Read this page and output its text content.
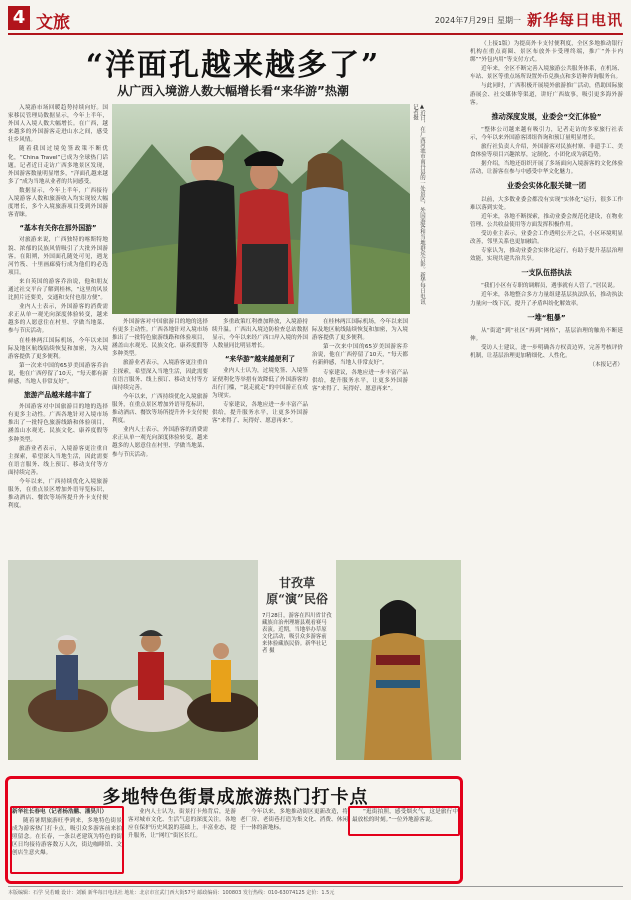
4 文旅	2024年7月29日 星期一 新华每日电讯
“洋面孔越来越多了”
从广西入境游人数大幅增长看“来华游”热潮

入境游市场回暖趋势持续向好。国家移民管理局数据显示，今年上半年，外国人入境人数大幅增长。在广西，越来越多的外国游客走进山水之间，感受壮乡风情。

随着我国过境免签政策不断优化，“China Travel”已成为全球热门话题。记者近日走访广西多地景区发现，外国游客数量明显增多，“洋面孔越来越多了”成为当地从业者的共同感受。

数据显示，今年上半年，广西接待入境游客人数和旅游收入均实现较大幅度增长，多个入境旅游项目受到外国游客青睐。

“基本有关你在那外国游”

对旅游来说，广西独特的喀斯特地貌、浓郁的民族风情吸引了大批外国游客。在阳朔，外国面孔随处可见，遇龙河竹筏、十里画廊骑行成为他们的必选项目。

来自英国的游客乔治说，他和朋友通过社交平台了解到桂林，“这里的风景比照片还要美，交通和支付也很方便”。

业内人士表示，外国游客的消费需求正从单一观光向深度体验转变，越来越多的人愿意住在村里、学做当地菜、参与节庆活动。

在桂林两江国际机场，今年以来国际及地区航线陆续恢复和加密，为入境游客提供了更多便利。

第一次来中国的65岁美国游客乔治说，他在广西停留了10天，“每天都有新鲜感，当地人非常友好”。

旅游产品越来越丰富了

外国游客对中国旅游目的地的选择有更多主动性。广西各地针对入境市场推出了一批特色旅游线路和体验项目，涵盖山水观光、民族文化、康养度假等多种类型。

旅游业者表示，入境游客更注重自主探索，希望深入当地生活，因此需要在语言服务、线上预订、移动支付等方面持续完善。

今年以来，广西持续优化入境旅游服务，在重点景区增加外语导览标识，推动酒店、餐饮等场所提升外卡支付便利度。

▲近日，在广西河池市南丹县的一处景区，外国游客和当地群众合影。新华每日电讯记者摄

外国游客对中国旅游目的地的选择有更多主动性。广西各地针对入境市场推出了一批特色旅游线路和体验项目，涵盖山水观光、民族文化、康养度假等多种类型。

旅游业者表示，入境游客更注重自主探索，希望深入当地生活，因此需要在语言服务、线上预订、移动支付等方面持续完善。

今年以来，广西持续优化入境旅游服务，在重点景区增加外语导览标识，推动酒店、餐饮等场所提升外卡支付便利度。

业内人士表示，外国游客的消费需求正从单一观光向深度体验转变，越来越多的人愿意住在村里、学做当地菜、参与节庆活动。

多重政策红利叠加释放，入境游持续升温。广西出入境边防检查总站数据显示，今年以来经广西口岸入境的外国人数量同比明显增长。

“来华游”越来越便利了

业内人士认为，过境免签、入境签证便利化等举措有效降低了外国游客的出行门槛，“说走就走”的中国游正在成为现实。

专家建议，各地应进一步丰富产品供给，提升服务水平，让更多外国游客“来得了、玩得好、愿意再来”。

在桂林两江国际机场，今年以来国际及地区航线陆续恢复和加密，为入境游客提供了更多便利。

第一次来中国的65岁美国游客乔治说，他在广西停留了10天，“每天都有新鲜感，当地人非常友好”。

专家建议，各地应进一步丰富产品供给，提升服务水平，让更多外国游客“来得了、玩得好、愿意再来”。

（上接1版）为提高外卡支付便利度，全区多地推动银行机构在重点商圈、景区布放外卡受理终端，推广“外卡内绑”“外包内用”等支付方式。

近年来，全区不断完善入境旅游公共服务体系，在机场、车站、景区等重点场所设置外币兑换点和多语种咨询服务台。

与此同时，广西积极开展境外旅游推广活动，借助国际旅游展会、社交媒体等渠道，讲好广西故事，吸引更多海外游客。

推动深度发展，业委会“交汇体验”

“整体公司越来越有吸引力，记者走访的多家旅行社表示，今年以来外国游客团组咨询和预订量明显增长。

旅行社负责人介绍，外国游客对民族村寨、非遗手工、美食体验等项目兴趣浓厚，定制化、小团化成为新趋势。

据介绍，当地还组织开展了多场面向入境游客的文化体验活动，让游客在参与中感受中华文化魅力。

业委会实体化服关键一团

以前，大多数业委会都没有实现“实体化”运行，很多工作难以落到实处。

近年来，各地不断探索，推动业委会规范化建设，在物业管理、公共收益使用等方面发挥积极作用。

受访业主表示，业委会工作透明公开之后，小区环境明显改善，邻里关系也更加融洽。

专家认为，推动业委会实体化运行，有助于提升基层治理效能，实现共建共治共享。

一支队伍搭执法

“我们小区有专职的调解员，遇事就有人管了。”居民说。

近年来，各地整合多方力量组建基层执法队伍，推动执法力量向一线下沉，提升了矛盾纠纷化解效率。

一堆“粗暴”

从“街道”到“社区”再到“网格”，基层治理的触角不断延伸。

受访人士建议，进一步明确各方权责边界，完善考核评价机制，让基层治理更加精细化、人性化。

（本报记者）

甘孜草原“演”民俗
7月28日，游客在四川省甘孜藏族自治州理塘县观看赛马表演。近期，当地举办草原文化活动，吸引众多游客前来体验藏族民俗。新华社记者 摄
多地特色街景成旅游热门打卡点

新华社长春电（记者杨浩鹏、潘昊川）

随着暑期旅游旺季到来，多地特色街景成为游客热门打卡点，吸引众多游客前来拍照留念。在长春，一条以老建筑为特色的街区日均接待游客数万人次，街边咖啡馆、文创店生意火爆。

业内人士认为，街景打卡热背后，是游客对城市文化、生活气息的深度关注。各地应在保护历史风貌的基础上，丰富业态，提升服务，让“网红”街区长红。

今年以来，多地推动街区更新改造，将老厂房、老街巷打造为集文化、消费、休闲于一体的新地标。

“逛街拍照，感受烟火气，这是旅行中最放松的时刻。”一位外地游客说。

本版编辑：石学 吴若曦 设计：刘颖 新华每日电讯社 地址：北京市宣武门西大街57号 邮政编码：100803 发行热线：010-63074125 定价：1.5元
